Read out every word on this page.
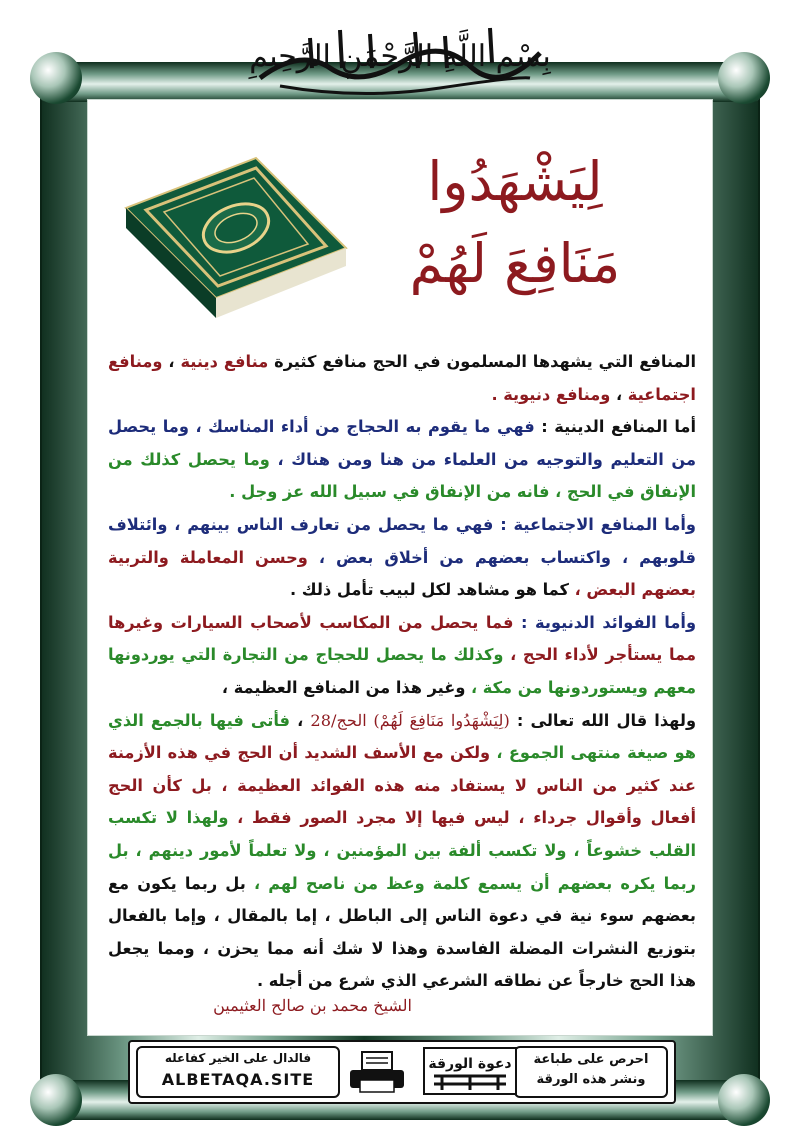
بِسْمِ اللَّهِ الرَّحْمَنِ الرَّحِيمِ
لِيَشْهَدُوا
مَنَافِعَ لَهُمْ

المنافع التي يشهدها المسلمون في الحج منافع كثيرة منافع دينية ، ومنافع اجتماعية ، ومنافع دنيوية .

أما المنافع الدينية : فهي ما يقوم به الحجاج من أداء المناسك ، وما يحصل من التعليم والتوجيه من العلماء من هنا ومن هناك ، وما يحصل كذلك من الإنفاق في الحج ، فانه من الإنفاق في سبيل الله عز وجل .

وأما المنافع الاجتماعية : فهي ما يحصل من تعارف الناس بينهم ، وائتلاف قلوبهم ، واكتساب بعضهم من أخلاق بعض ، وحسن المعاملة والتربية بعضهم البعض ، كما هو مشاهد لكل لبيب تأمل ذلك .

وأما الفوائد الدنيوية : فما يحصل من المكاسب لأصحاب السيارات وغيرها مما يستأجر لأداء الحج ، وكذلك ما يحصل للحجاج من التجارة التي يوردونها معهم ويستوردونها من مكة ، وغير هذا من المنافع العظيمة ،

ولهذا قال الله تعالى : (لِيَشْهَدُوا مَنَافِعَ لَهُمْ) الحج/28 ، فأتى فيها بالجمع الذي هو صيغة منتهى الجموع ، ولكن مع الأسف الشديد أن الحج في هذه الأزمنة عند كثير من الناس لا يستفاد منه هذه الفوائد العظيمة ، بل كأن الحج أفعال وأقوال جرداء ، ليس فيها إلا مجرد الصور فقط ، ولهذا لا تكسب القلب خشوعاً ، ولا تكسب ألفة بين المؤمنين ، ولا تعلماً لأمور دينهم ، بل ربما يكره بعضهم أن يسمع كلمة وعظ من ناصح لهم ، بل ربما يكون مع بعضهم سوء نية في دعوة الناس إلى الباطل ، إما بالمقال ، وإما بالفعال بتوزيع النشرات المضلة الفاسدة وهذا لا شك أنه مما يحزن ، ومما يجعل هذا الحج خارجاً عن نطاقه الشرعي الذي شرع من أجله .

الشيخ محمد بن صالح العثيمين
احرص على طباعة
ونشر هذه الورقة
دعوة الورقة
فالدال على الخير كفاعله
ALBETAQA.SITE
